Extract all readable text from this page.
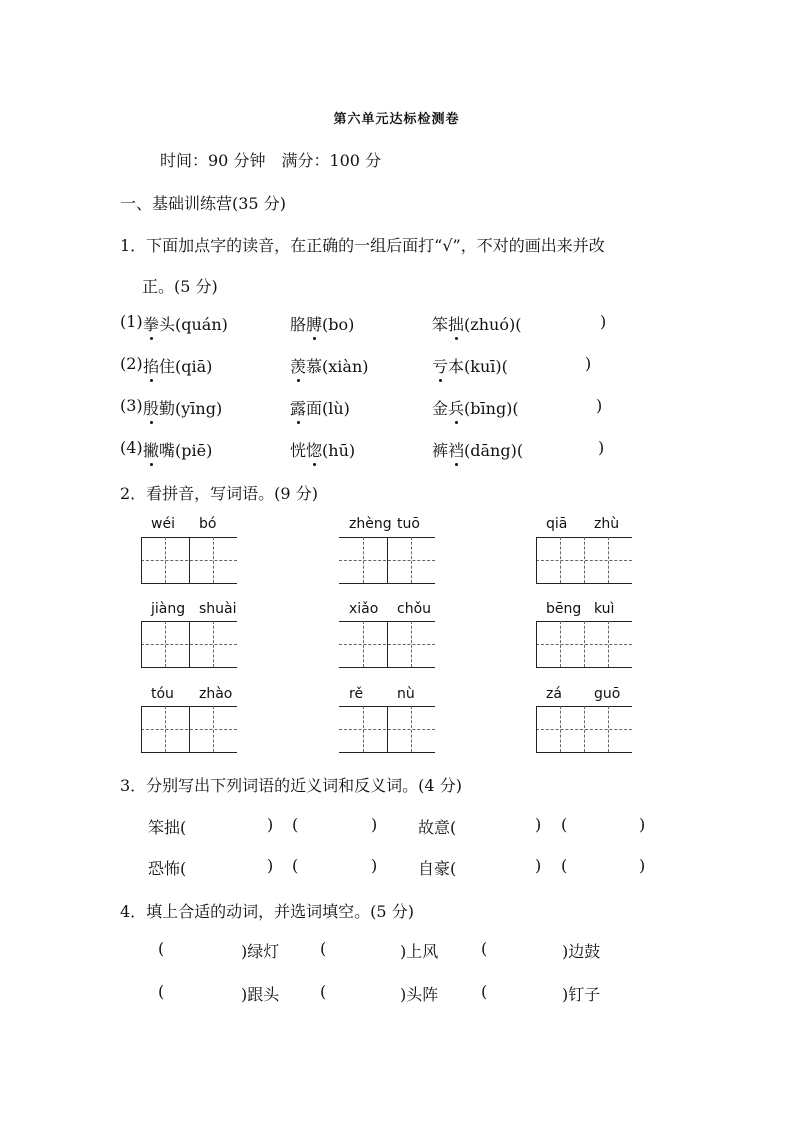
第六单元达标检测卷
时间：90 分钟　满分：100 分
一、基础训练营(35 分)
1．下面加点字的读音，在正确的一组后面打“√”，不对的画出来并改
正。(5 分)
(1) 拳头(quán)	胳膊(bo)	笨拙(zhuó)(	)
(2) 掐住(qiā)	羡慕(xiàn)	亏本(kuī)(	)
(3) 殷勤(yīng)	露面(lù)	金兵(bīng)(	)
(4) 撇嘴(piē)	恍惚(hū)	裤裆(dāng)(	)
2．看拼音，写词语。(9 分)
wéi bó	zhèng tuō	qiā zhù
jiàng shuài	xiǎo chǒu	bēng kuì
tóu zhào	rě nù	zá guō
3．分别写出下列词语的近义词和反义词。(4 分)
笨拙(	) (	)	故意(	) (	)
恐怖(	) (	)	自豪(	) (	)
4．填上合适的动词，并选词填空。(5 分)
(	)绿灯	(	)上风	(	)边鼓
(	)跟头	(	)头阵	(	)钉子
